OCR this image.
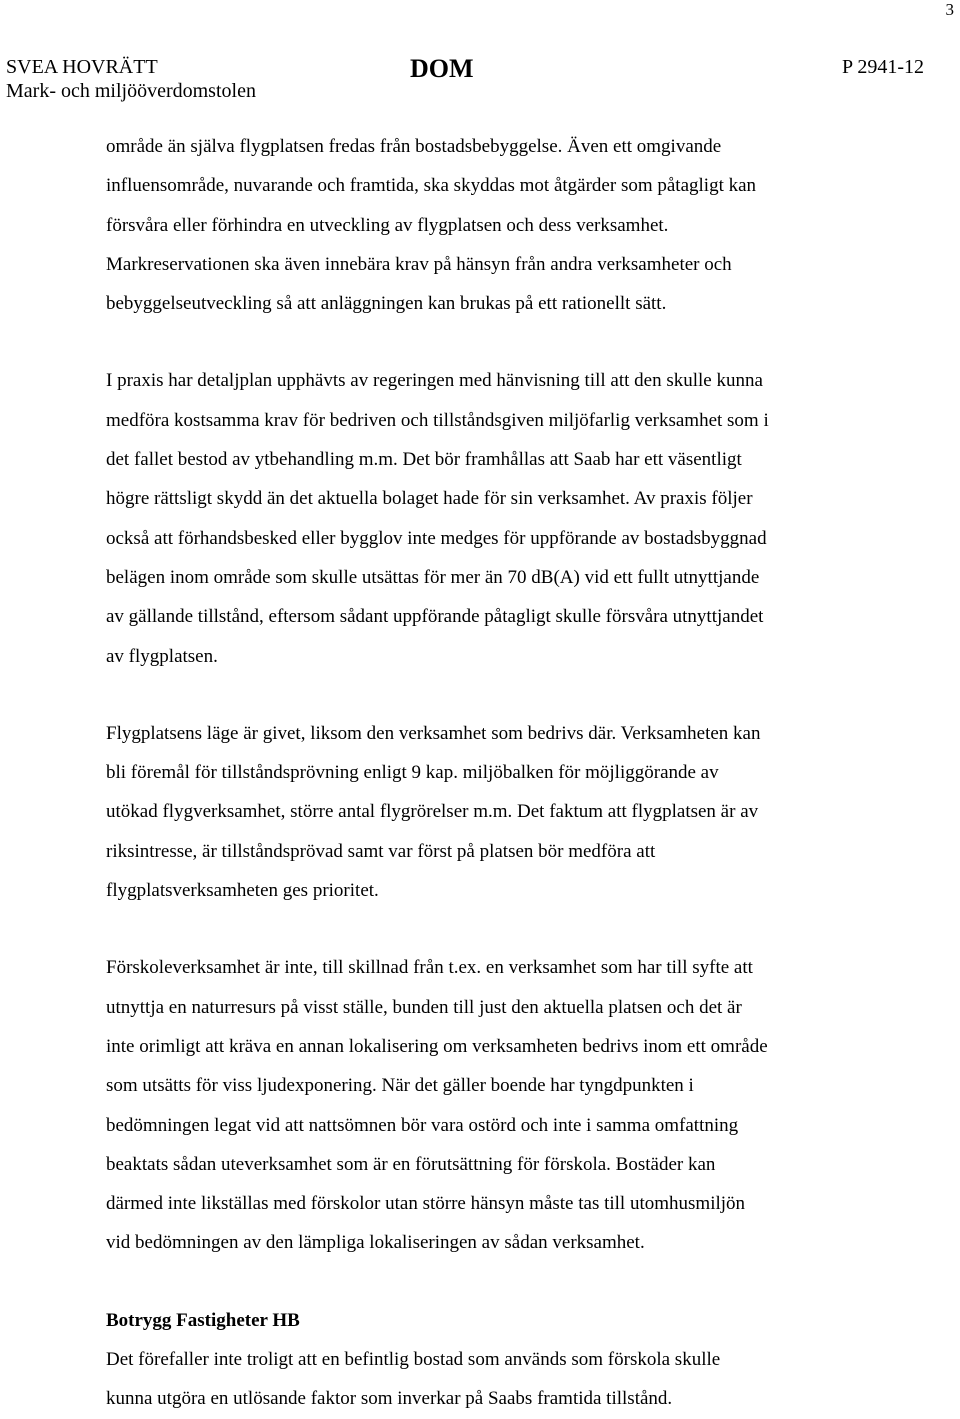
3
SVEA HOVRÄTT
Mark- och miljööverdomstolen
DOM	P 2941-12

område än själva flygplatsen fredas från bostadsbebyggelse. Även ett omgivande
influensområde, nuvarande och framtida, ska skyddas mot åtgärder som påtagligt kan
försvåra eller förhindra en utveckling av flygplatsen och dess verksamhet.
Markreservationen ska även innebära krav på hänsyn från andra verksamheter och
bebyggelseutveckling så att anläggningen kan brukas på ett rationellt sätt.

I praxis har detaljplan upphävts av regeringen med hänvisning till att den skulle kunna
medföra kostsamma krav för bedriven och tillståndsgiven miljöfarlig verksamhet som i
det fallet bestod av ytbehandling m.m. Det bör framhållas att Saab har ett väsentligt
högre rättsligt skydd än det aktuella bolaget hade för sin verksamhet. Av praxis följer
också att förhandsbesked eller bygglov inte medges för uppförande av bostadsbyggnad
belägen inom område som skulle utsättas för mer än 70 dB(A) vid ett fullt utnyttjande
av gällande tillstånd, eftersom sådant uppförande påtagligt skulle försvåra utnyttjandet
av flygplatsen.

Flygplatsens läge är givet, liksom den verksamhet som bedrivs där. Verksamheten kan
bli föremål för tillståndsprövning enligt 9 kap. miljöbalken för möjliggörande av
utökad flygverksamhet, större antal flygrörelser m.m. Det faktum att flygplatsen är av
riksintresse, är tillståndsprövad samt var först på platsen bör medföra att
flygplatsverksamheten ges prioritet.

Förskoleverksamhet är inte, till skillnad från t.ex. en verksamhet som har till syfte att
utnyttja en naturresurs på visst ställe, bunden till just den aktuella platsen och det är
inte orimligt att kräva en annan lokalisering om verksamheten bedrivs inom ett område
som utsätts för viss ljudexponering. När det gäller boende har tyngdpunkten i
bedömningen legat vid att nattsömnen bör vara ostörd och inte i samma omfattning
beaktats sådan uteverksamhet som är en förutsättning för förskola. Bostäder kan
därmed inte likställas med förskolor utan större hänsyn måste tas till utomhusmiljön
vid bedömningen av den lämpliga lokaliseringen av sådan verksamhet.

Botrygg Fastigheter HB
Det förefaller inte troligt att en befintlig bostad som används som förskola skulle
kunna utgöra en utlösande faktor som inverkar på Saabs framtida tillstånd.
